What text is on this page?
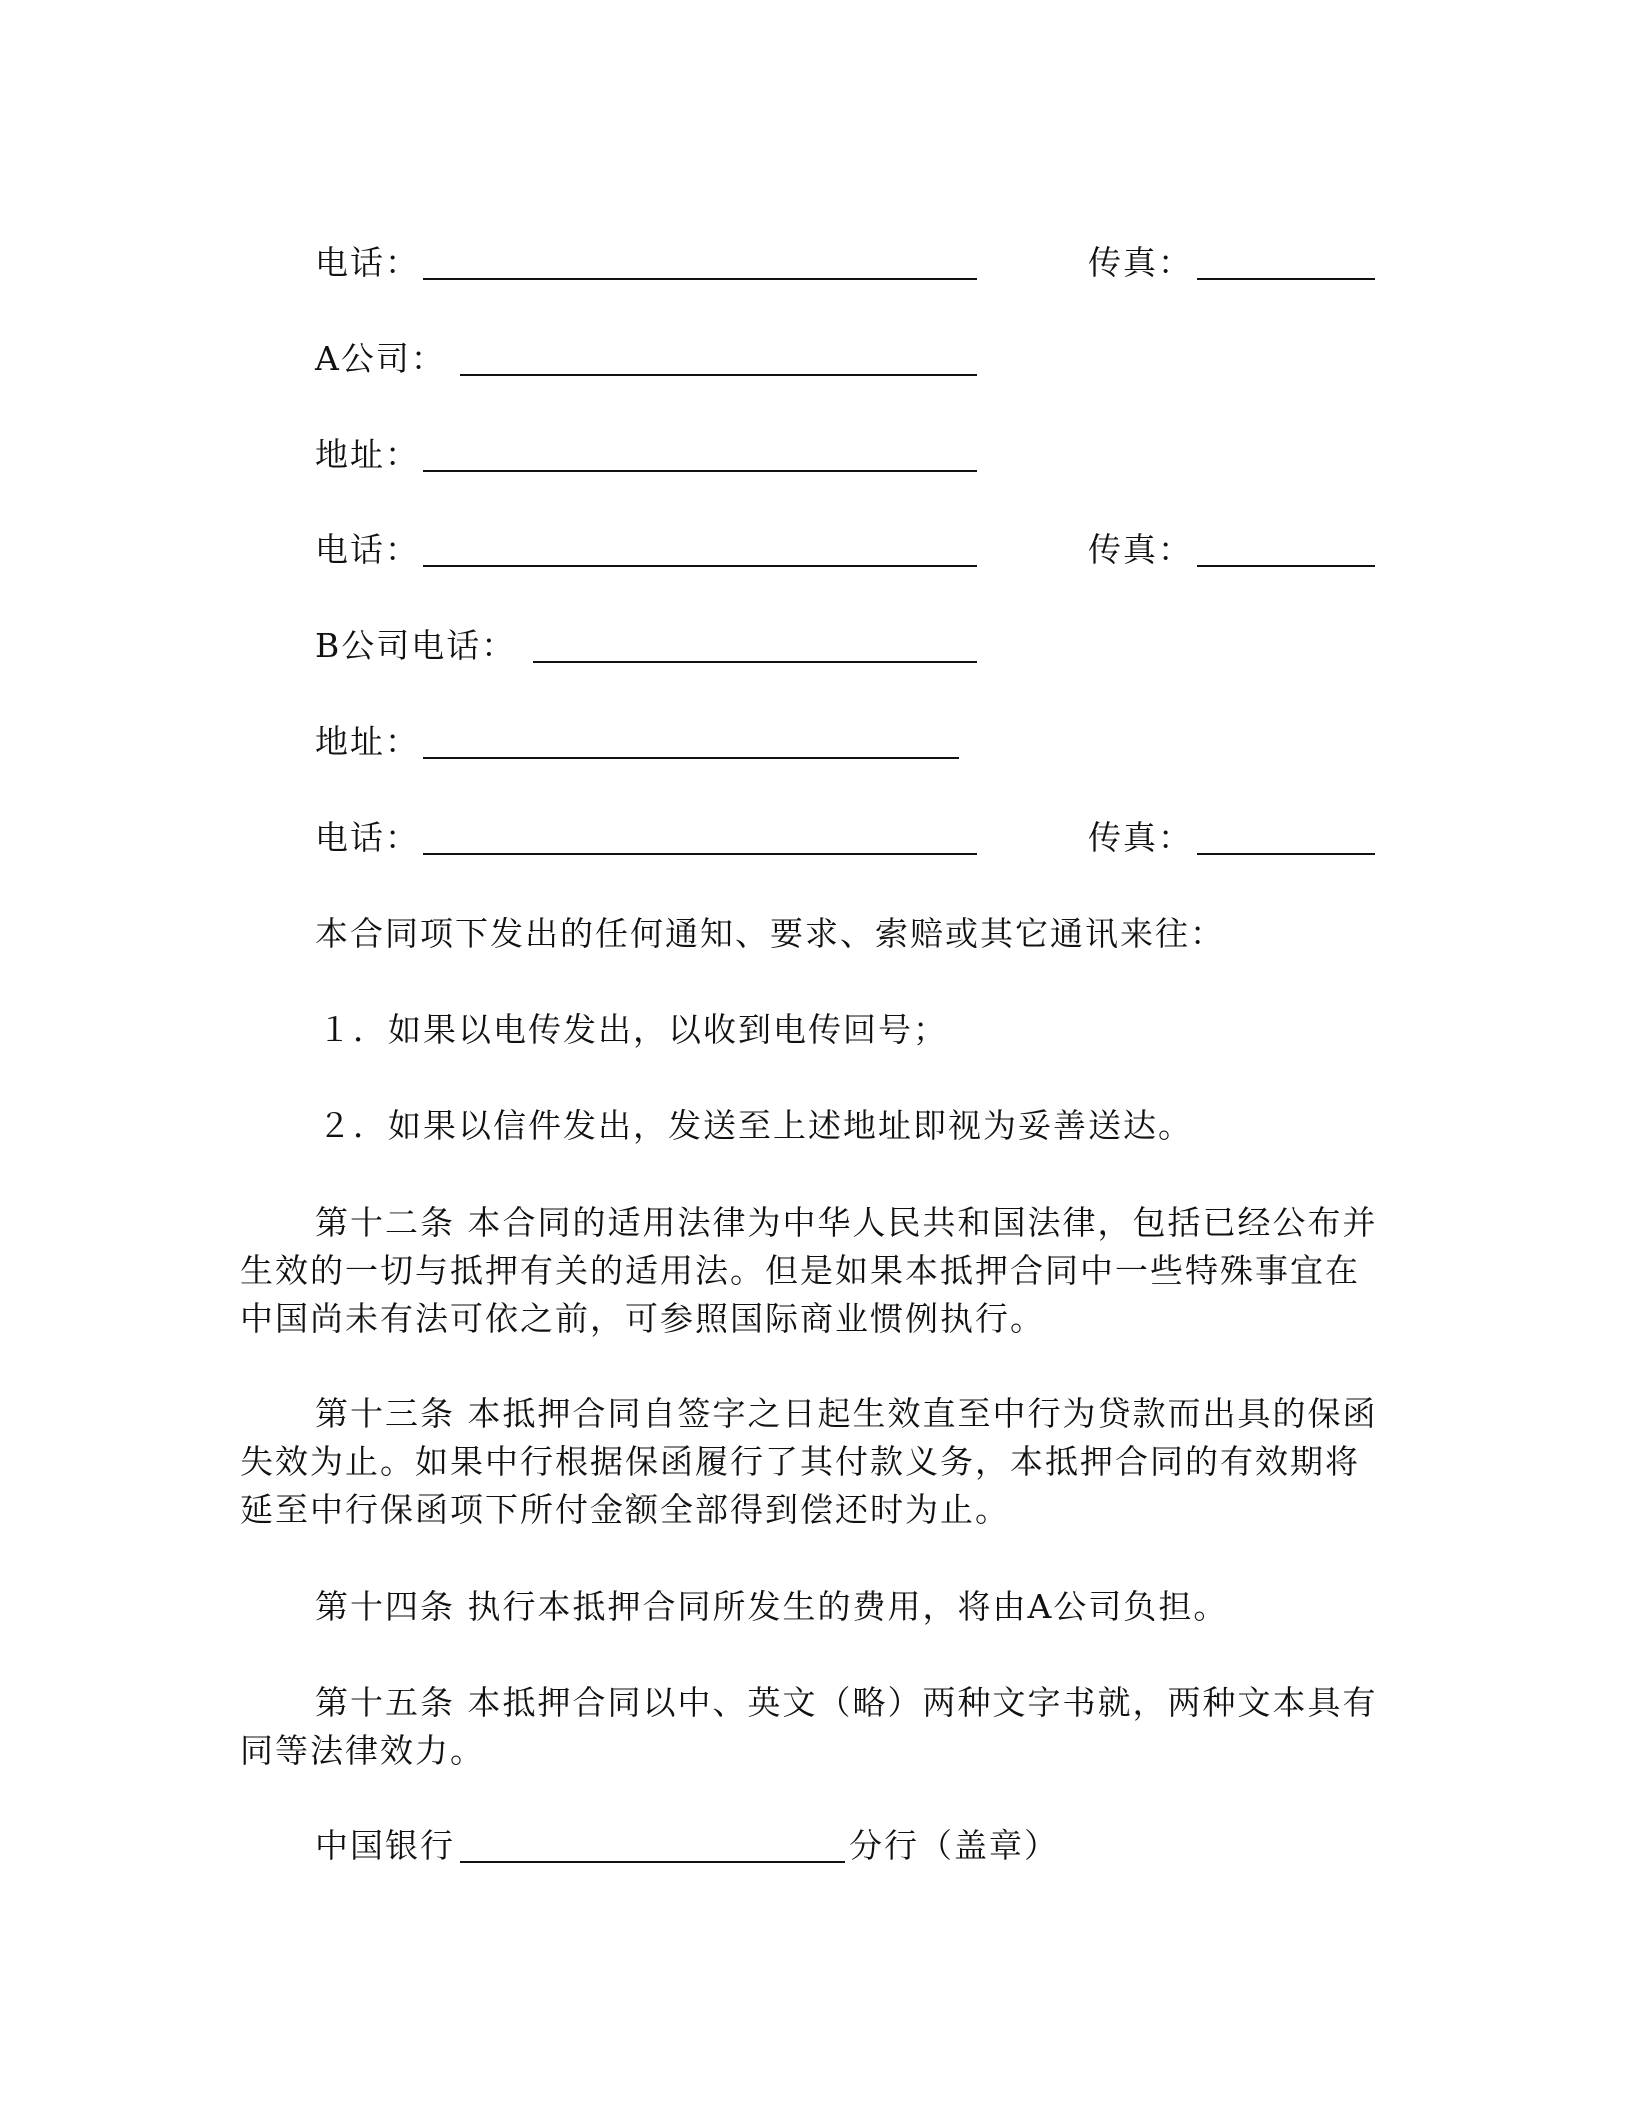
电话：	传真：
A公司：
地址：
电话：	传真：
B公司电话：
地址：
电话：	传真：
本合同项下发出的任何通知、要求、索赔或其它通讯来往：
１．如果以电传发出，以收到电传回号；
２．如果以信件发出，发送至上述地址即视为妥善送达。
第十二条 本合同的适用法律为中华人民共和国法律，包括已经公布并生效的一切与抵押有关的适用法。但是如果本抵押合同中一些特殊事宜在中国尚未有法可依之前，可参照国际商业惯例执行。
第十三条 本抵押合同自签字之日起生效直至中行为贷款而出具的保函失效为止。如果中行根据保函履行了其付款义务，本抵押合同的有效期将延至中行保函项下所付金额全部得到偿还时为止。
第十四条 执行本抵押合同所发生的费用，将由A公司负担。
第十五条 本抵押合同以中、英文（略）两种文字书就，两种文本具有同等法律效力。
中国银行	分行（盖章）
